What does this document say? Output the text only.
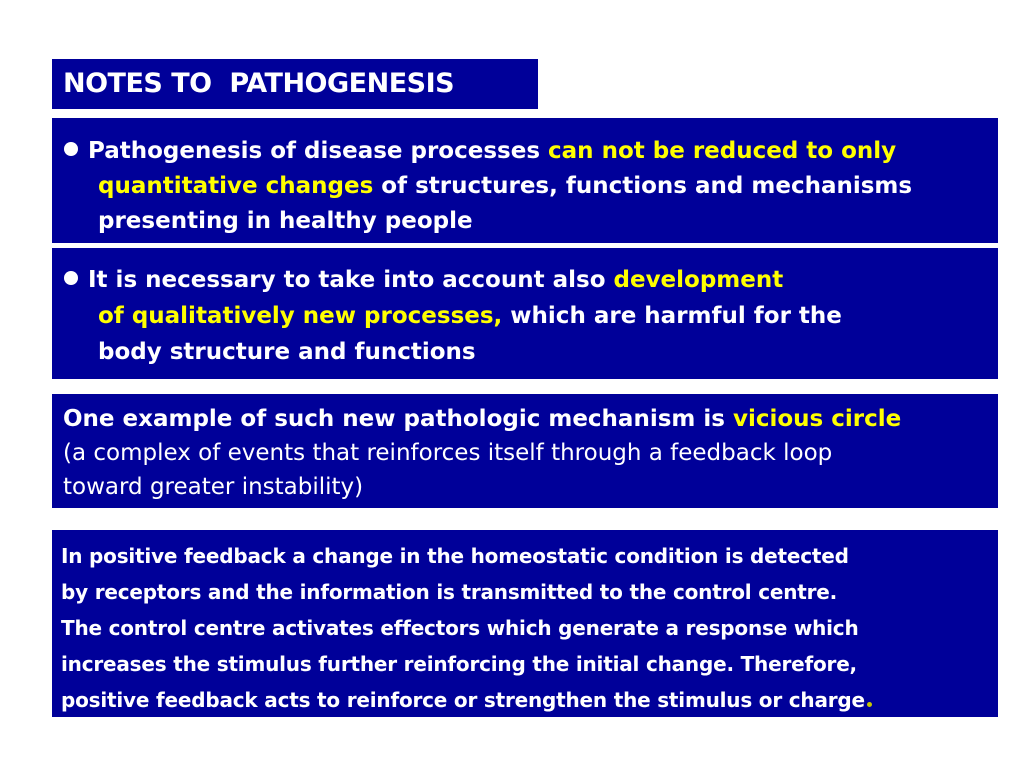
NOTES TO  PATHOGENESIS
Pathogenesis of disease processes can not be reduced to only
quantitative changes of structures, functions and mechanisms
presenting in healthy people
It is necessary to take into account also development
of qualitatively new processes, which are harmful for the
body structure and functions
One example of such new pathologic mechanism is vicious circle
(a complex of events that reinforces itself through a feedback loop
toward greater instability)
In positive feedback a change in the homeostatic condition is detected
by receptors and the information is transmitted to the control centre.
The control centre activates effectors which generate a response which
increases the stimulus further reinforcing the initial change. Therefore,
positive feedback acts to reinforce or strengthen the stimulus or charge
